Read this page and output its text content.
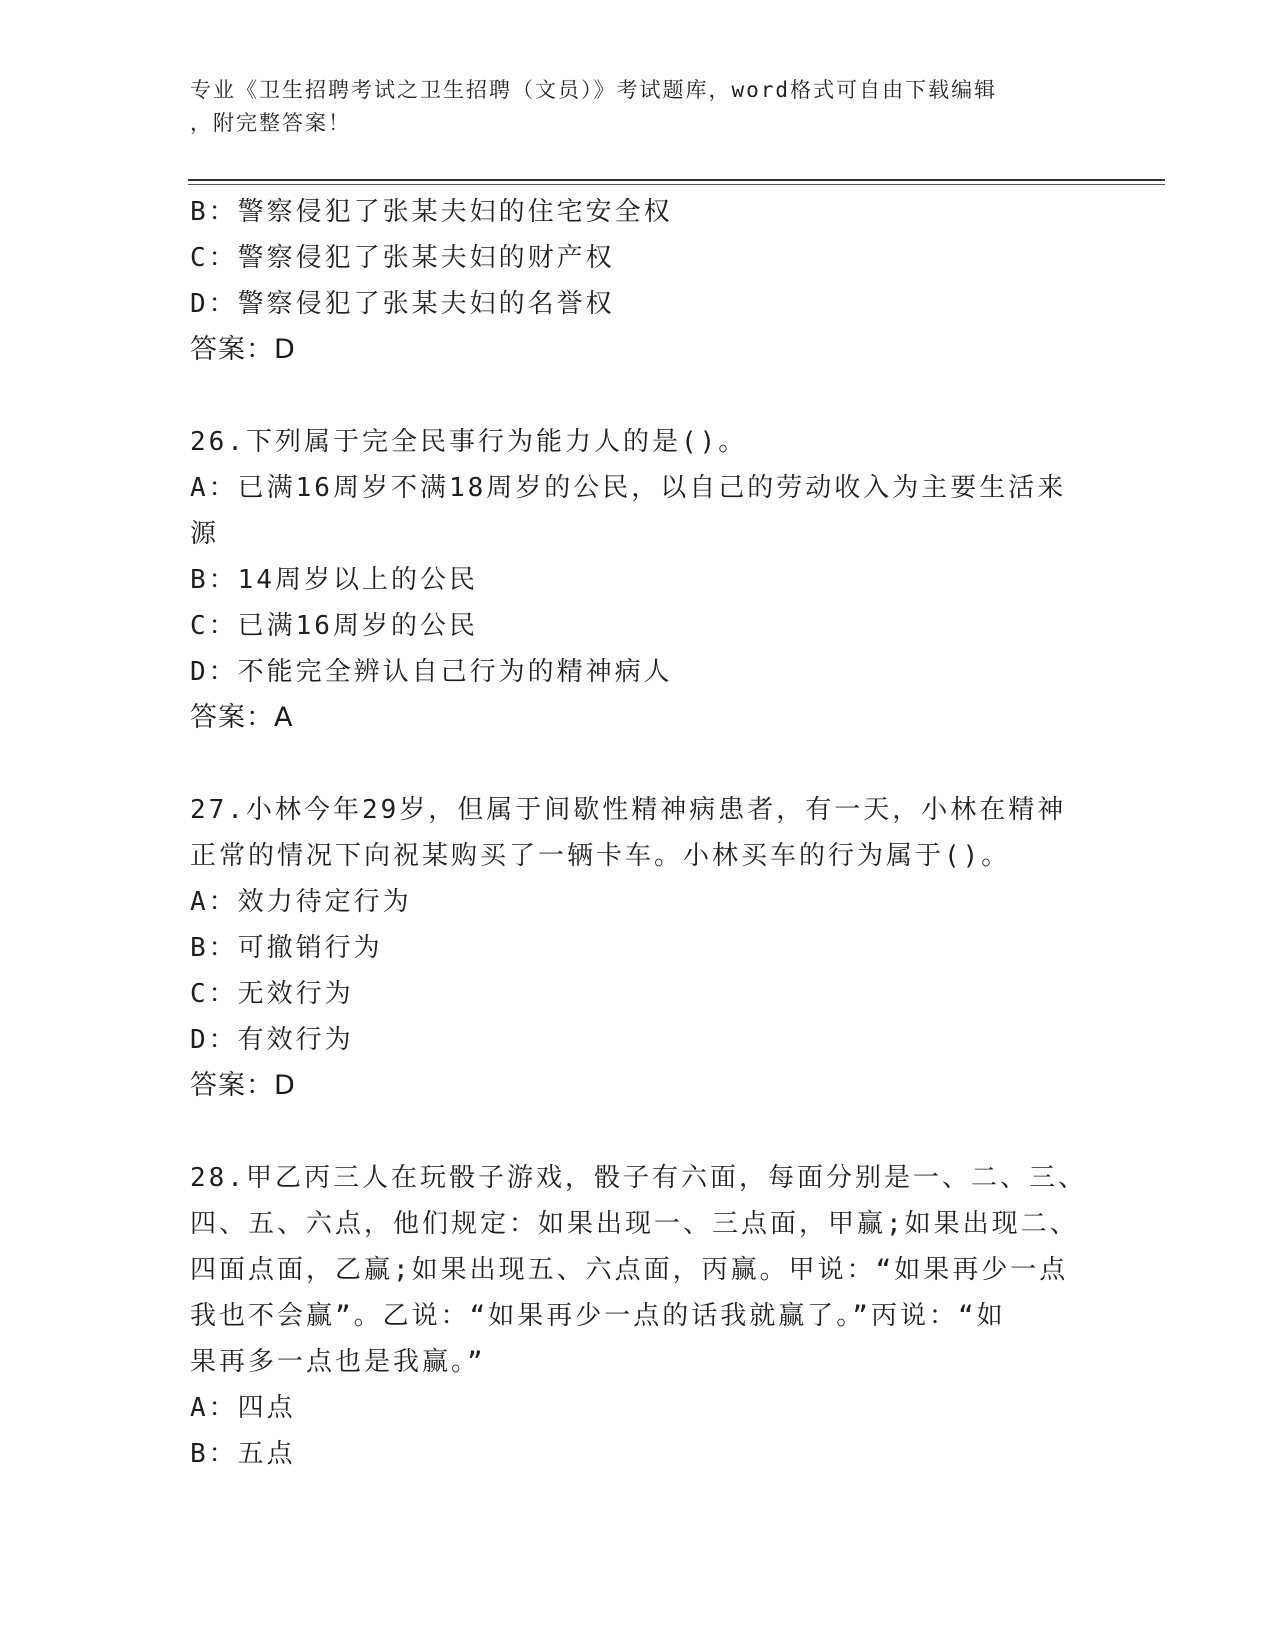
专业《卫生招聘考试之卫生招聘（文员）》考试题库，word格式可自由下载编辑
，附完整答案！
B：警察侵犯了张某夫妇的住宅安全权
C：警察侵犯了张某夫妇的财产权
D：警察侵犯了张某夫妇的名誉权
答案：D
26.下列属于完全民事行为能力人的是()。
A：已满16周岁不满18周岁的公民，以自己的劳动收入为主要生活来
源
B：14周岁以上的公民
C：已满16周岁的公民
D：不能完全辨认自己行为的精神病人
答案：A
27.小林今年29岁，但属于间歇性精神病患者，有一天，小林在精神
正常的情况下向祝某购买了一辆卡车。小林买车的行为属于()。
A：效力待定行为
B：可撤销行为
C：无效行为
D：有效行为
答案：D
28.甲乙丙三人在玩骰子游戏，骰子有六面，每面分别是一、二、三、
四、五、六点，他们规定：如果出现一、三点面，甲赢;如果出现二、
四面点面，乙赢;如果出现五、六点面，丙赢。甲说：“如果再少一点
我也不会赢”。乙说：“如果再少一点的话我就赢了。”丙说：“如
果再多一点也是我赢。”
A：四点
B：五点
